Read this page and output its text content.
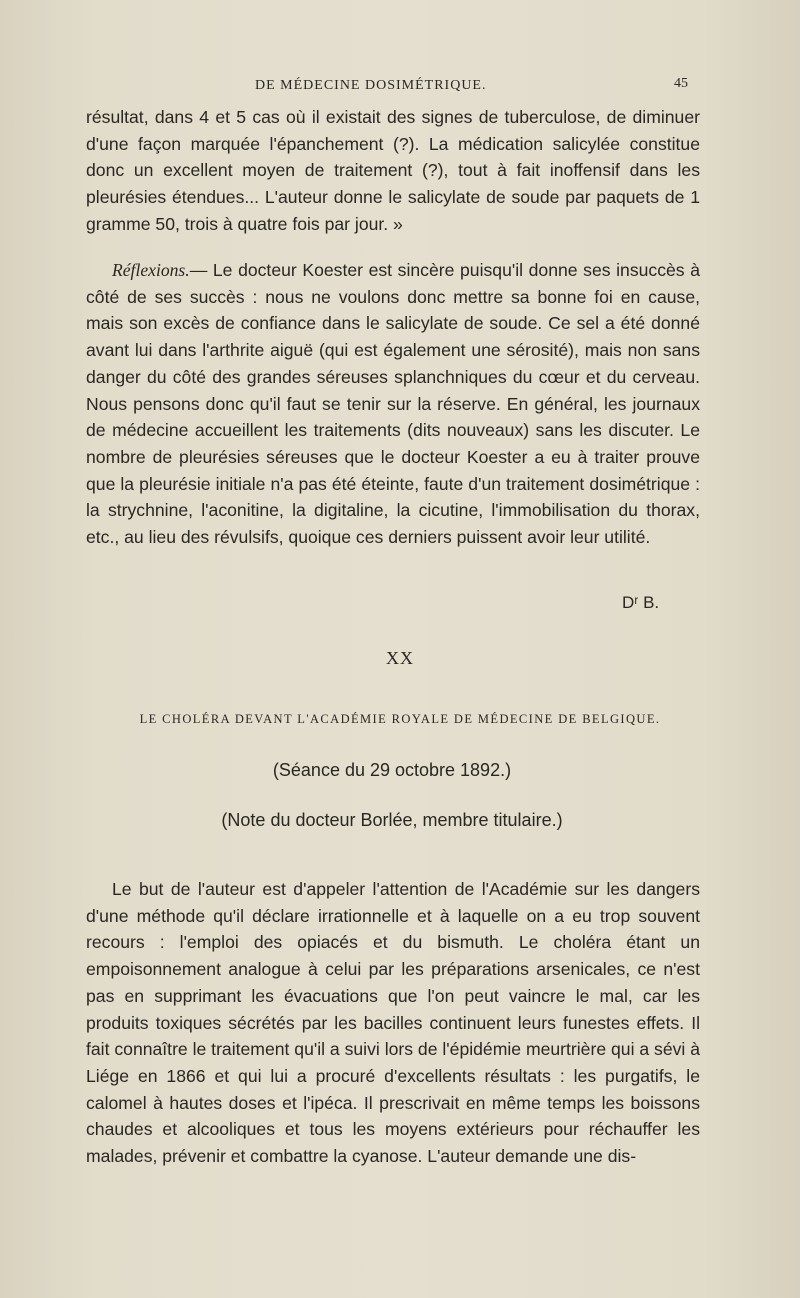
DE MÉDECINE DOSIMÉTRIQUE.	45

résultat, dans 4 et 5 cas où il existait des signes de tuberculose, de diminuer d'une façon marquée l'épanchement (?). La médication salicylée constitue donc un excellent moyen de traitement (?), tout à fait inoffensif dans les pleurésies étendues... L'auteur donne le salicylate de soude par paquets de 1 gramme 50, trois à quatre fois par jour. »

Réflexions.— Le docteur Koester est sincère puisqu'il donne ses insuccès à côté de ses succès : nous ne voulons donc mettre sa bonne foi en cause, mais son excès de confiance dans le salicylate de soude. Ce sel a été donné avant lui dans l'arthrite aiguë (qui est également une sérosité), mais non sans danger du côté des grandes séreuses splanchniques du cœur et du cerveau. Nous pensons donc qu'il faut se tenir sur la réserve. En général, les journaux de médecine accueillent les traitements (dits nouveaux) sans les discuter. Le nombre de pleurésies séreuses que le docteur Koester a eu à traiter prouve que la pleurésie initiale n'a pas été éteinte, faute d'un traitement dosimétrique : la strychnine, l'aconitine, la digitaline, la cicutine, l'immobilisation du thorax, etc., au lieu des révulsifs, quoique ces derniers puissent avoir leur utilité.

Dʳ B.
XX
LE CHOLÉRA DEVANT L'ACADÉMIE ROYALE DE MÉDECINE DE BELGIQUE.
(Séance du 29 octobre 1892.)
(Note du docteur Borlée, membre titulaire.)

Le but de l'auteur est d'appeler l'attention de l'Académie sur les dangers d'une méthode qu'il déclare irrationnelle et à laquelle on a eu trop souvent recours : l'emploi des opiacés et du bismuth. Le choléra étant un empoisonnement analogue à celui par les préparations arsenicales, ce n'est pas en supprimant les évacuations que l'on peut vaincre le mal, car les produits toxiques sécrétés par les bacilles continuent leurs funestes effets. Il fait connaître le traitement qu'il a suivi lors de l'épidémie meurtrière qui a sévi à Liége en 1866 et qui lui a procuré d'excellents résultats : les purgatifs, le calomel à hautes doses et l'ipéca. Il prescrivait en même temps les boissons chaudes et alcooliques et tous les moyens extérieurs pour réchauffer les malades, prévenir et combattre la cyanose. L'auteur demande une dis-
